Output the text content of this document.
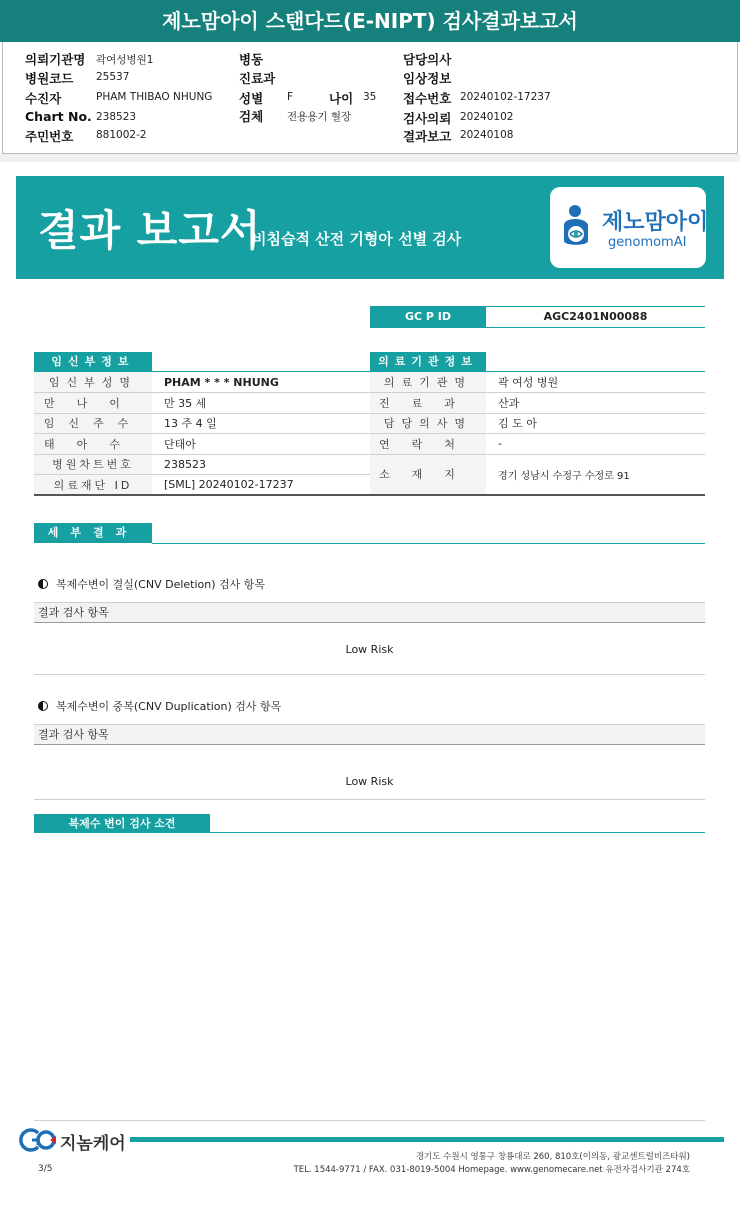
제노맘아이 스탠다드(E-NIPT) 검사결과보고서
의뢰기관명 곽여성병원1
병원코드 25537
수진자	PHAM THIBAO NHUNG
Chart No. 238523
주민번호 881002-2
병동
진료과
성별 F	나이 35
검체 전용용기 혈장
담당의사
임상정보
접수번호 20240102-17237
검사의뢰 20240102
결과보고 20240108
결과 보고서
비침습적 산전 기형아 선별 검사
제노맘아이
genomomAI
GC P ID	AGC2401N00088
임신부정보
임신부성명	PHAM * * * NHUNG
만나이	만 35 세
임신주수	13 주 4 일
태아수	단태아
병원차트번호	238523
의료재단 ID	[SML] 20240102-17237
의료기관정보
의료기관명	곽 여성 병원
진료과	산과
담당의사명	김 도 아
연락처	-
소재지	경기 성남시 수정구 수정로 91
세부결과
복제수변이 결실(CNV Deletion) 검사 항목
결과 검사 항목
Low Risk
복제수변이 중복(CNV Duplication) 검사 항목
결과 검사 항목
Low Risk
복제수 변이 검사 소견
지놈케어
경기도 수원시 영통구 창룡대로 260, 810호(이의동, 광교센트럴비즈타워)
TEL. 1544-9771 / FAX. 031-8019-5004 Homepage. www.genomecare.net 유전자검사기관 274호
3/5
